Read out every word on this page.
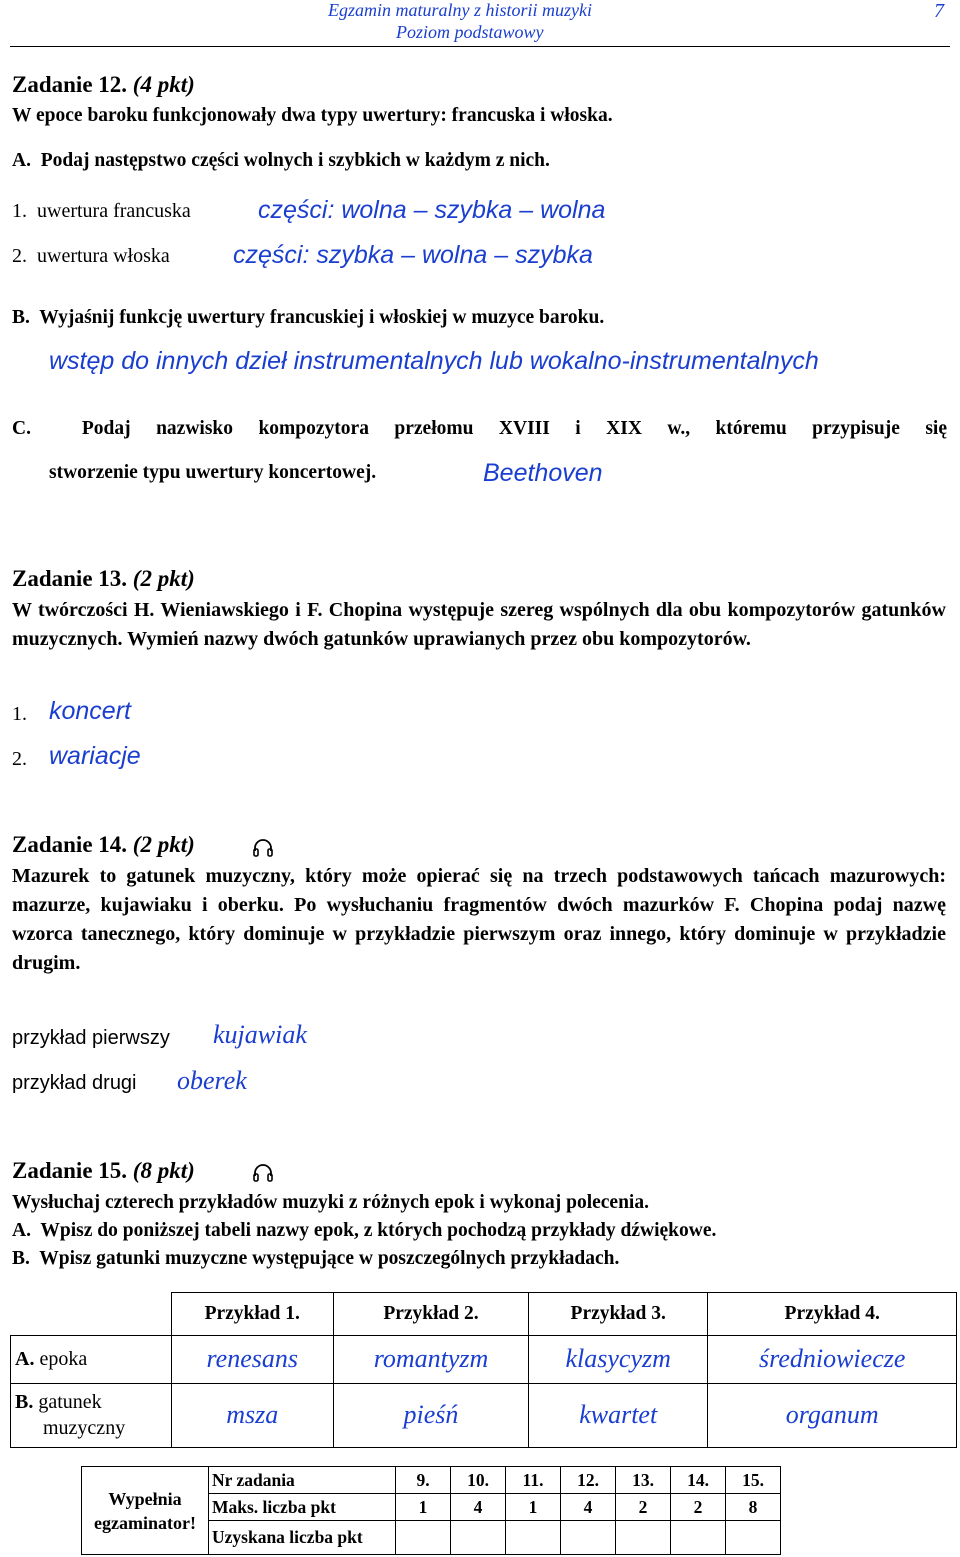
Egzamin maturalny z historii muzyki
Poziom podstawowy
7
Zadanie 12. (4 pkt)
W epoce baroku funkcjonowały dwa typy uwertury: francuska i włoska.
A. Podaj następstwo części wolnych i szybkich w każdym z nich.
1. uwertura francuska	części: wolna – szybka – wolna
2. uwertura włoska	części: szybka – wolna – szybka
B. Wyjaśnij funkcję uwertury francuskiej i włoskiej w muzyce baroku.
wstęp do innych dzieł instrumentalnych lub wokalno-instrumentalnych
C.	Podaj nazwisko kompozytora przełomu XVIII i XIX w., któremu przypisuje się
stworzenie typu uwertury koncertowej.	Beethoven
Zadanie 13. (2 pkt)
W twórczości H. Wieniawskiego i F. Chopina występuje szereg wspólnych dla obu kompozytorów gatunków muzycznych. Wymień nazwy dwóch gatunków uprawianych przez obu kompozytorów.
1. koncert
2. wariacje
Zadanie 14. (2 pkt)
Mazurek to gatunek muzyczny, który może opierać się na trzech podstawowych tańcach mazurowych: mazurze, kujawiaku i oberku. Po wysłuchaniu fragmentów dwóch mazurków F. Chopina podaj nazwę wzorca tanecznego, który dominuje w przykładzie pierwszym oraz innego, który dominuje w przykładzie drugim.
przykład pierwszy kujawiak
przykład drugi oberek
Zadanie 15. (8 pkt)
Wysłuchaj czterech przykładów muzyki z różnych epok i wykonaj polecenia.
A. Wpisz do poniższej tabeli nazwy epok, z których pochodzą przykłady dźwiękowe.
B. Wpisz gatunki muzyczne występujące w poszczególnych przykładach.
	Przykład 1.	Przykład 2.	Przykład 3.	Przykład 4.
A. epoka	renesans	romantyzm	klasycyzm	średniowiecze
B. gatunek
muzyczny	msza	pieśń	kwartet	organum
Wypełnia
egzaminator!	Nr zadania	9.	10.	11.	12.	13.	14.	15.
	Maks. liczba pkt	1	4	1	4	2	2	8
	Uzyskana liczba pkt							
